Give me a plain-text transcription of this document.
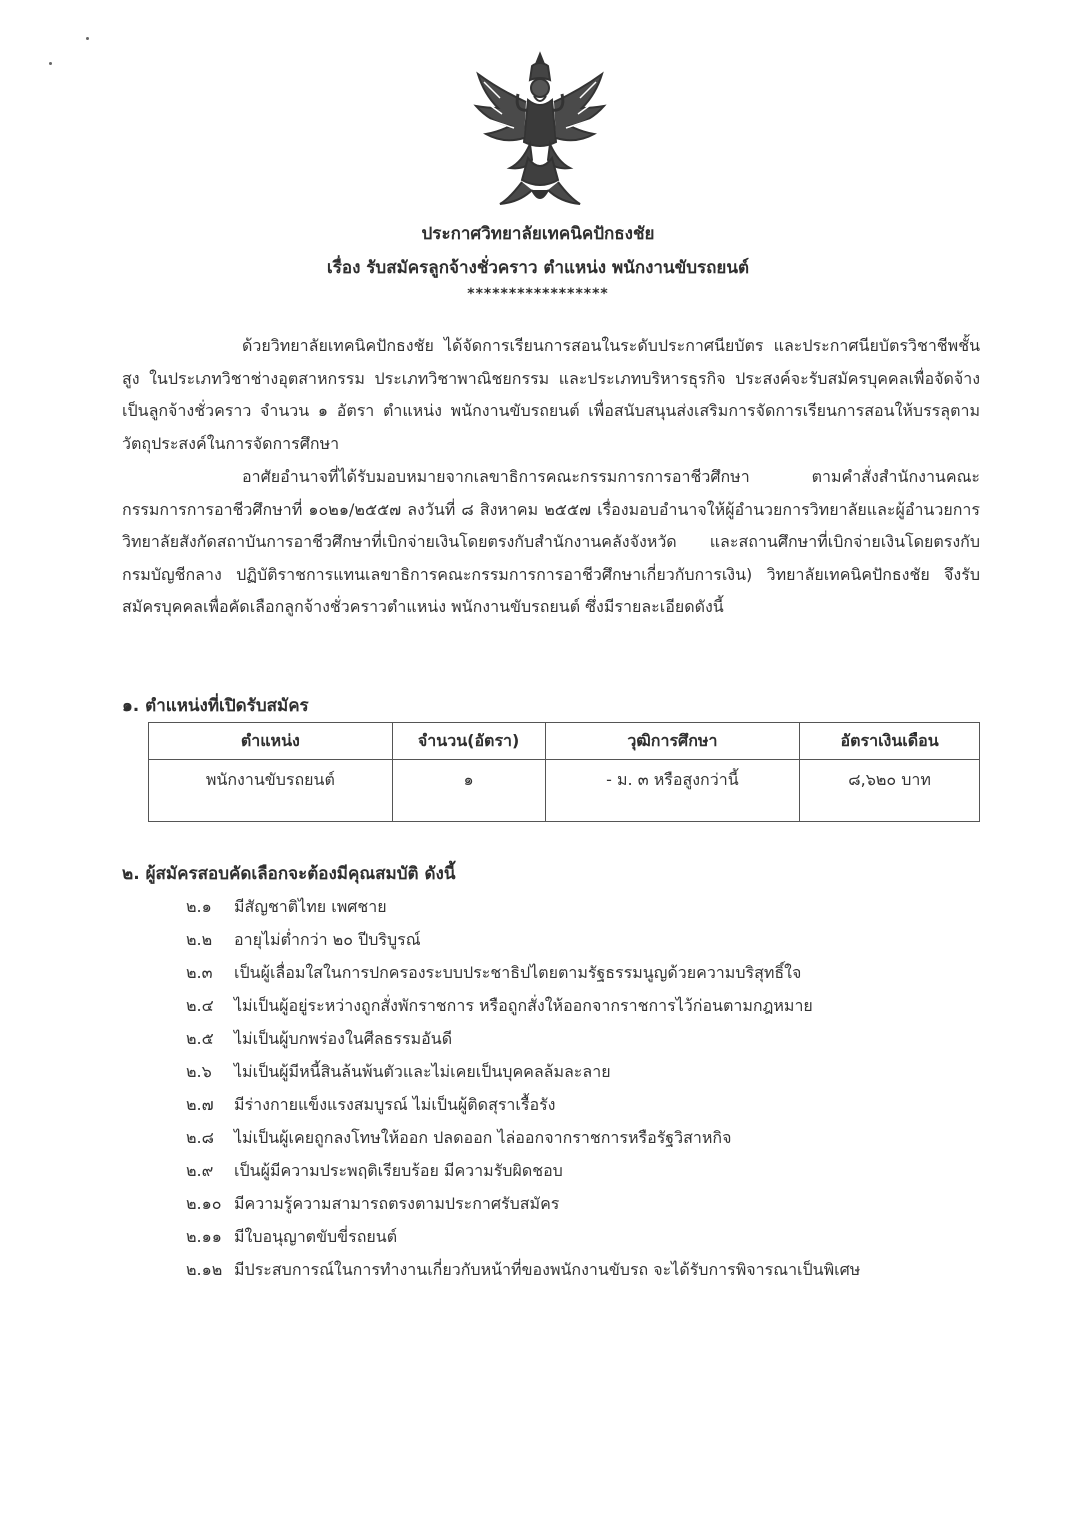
ประกาศวิทยาลัยเทคนิคปักธงชัย
เรื่อง รับสมัครลูกจ้างชั่วคราว ตำแหน่ง พนักงานขับรถยนต์
*****************
ด้วยวิทยาลัยเทคนิคปักธงชัย ได้จัดการเรียนการสอนในระดับประกาศนียบัตร และประกาศนียบัตรวิชาชีพชั้นสูง ในประเภทวิชาช่างอุตสาหกรรม ประเภทวิชาพาณิชยกรรม และประเภทบริหารธุรกิจ ประสงค์จะรับสมัครบุคคลเพื่อจัดจ้างเป็นลูกจ้างชั่วคราว จำนวน ๑ อัตรา ตำแหน่ง พนักงานขับรถยนต์ เพื่อสนับสนุนส่งเสริมการจัดการเรียนการสอนให้บรรลุตามวัตถุประสงค์ในการจัดการศึกษา
อาศัยอำนาจที่ได้รับมอบหมายจากเลขาธิการคณะกรรมการการอาชีวศึกษา ตามคำสั่งสำนักงานคณะกรรมการการอาชีวศึกษาที่ ๑๐๒๑/๒๕๕๗ ลงวันที่ ๘ สิงหาคม ๒๕๕๗ เรื่องมอบอำนาจให้ผู้อำนวยการวิทยาลัยและผู้อำนวยการวิทยาลัยสังกัดสถาบันการอาชีวศึกษาที่เบิกจ่ายเงินโดยตรงกับสำนักงานคลังจังหวัด และสถานศึกษาที่เบิกจ่ายเงินโดยตรงกับกรมบัญชีกลาง ปฏิบัติราชการแทนเลขาธิการคณะกรรมการการอาชีวศึกษาเกี่ยวกับการเงิน) วิทยาลัยเทคนิคปักธงชัย จึงรับสมัครบุคคลเพื่อคัดเลือกลูกจ้างชั่วคราวตำแหน่ง พนักงานขับรถยนต์ ซึ่งมีรายละเอียดดังนี้
๑. ตำแหน่งที่เปิดรับสมัคร
ตำแหน่ง	จำนวน(อัตรา)	วุฒิการศึกษา	อัตราเงินเดือน
พนักงานขับรถยนต์	๑	- ม. ๓ หรือสูงกว่านี้	๘,๖๒๐ บาท
๒. ผู้สมัครสอบคัดเลือกจะต้องมีคุณสมบัติ ดังนี้
๒.๑ มีสัญชาติไทย เพศชาย
๒.๒ อายุไม่ต่ำกว่า ๒๐ ปีบริบูรณ์
๒.๓ เป็นผู้เลื่อมใสในการปกครองระบบประชาธิปไตยตามรัฐธรรมนูญด้วยความบริสุทธิ์ใจ
๒.๔ ไม่เป็นผู้อยู่ระหว่างถูกสั่งพักราชการ หรือถูกสั่งให้ออกจากราชการไว้ก่อนตามกฎหมาย
๒.๕ ไม่เป็นผู้บกพร่องในศีลธรรมอันดี
๒.๖ ไม่เป็นผู้มีหนี้สินล้นพ้นตัวและไม่เคยเป็นบุคคลล้มละลาย
๒.๗ มีร่างกายแข็งแรงสมบูรณ์ ไม่เป็นผู้ติดสุราเรื้อรัง
๒.๘ ไม่เป็นผู้เคยถูกลงโทษให้ออก ปลดออก ไล่ออกจากราชการหรือรัฐวิสาหกิจ
๒.๙ เป็นผู้มีความประพฤติเรียบร้อย มีความรับผิดชอบ
๒.๑๐ มีความรู้ความสามารถตรงตามประกาศรับสมัคร
๒.๑๑ มีใบอนุญาตขับขี่รถยนต์
๒.๑๒ มีประสบการณ์ในการทำงานเกี่ยวกับหน้าที่ของพนักงานขับรถ จะได้รับการพิจารณาเป็นพิเศษ
